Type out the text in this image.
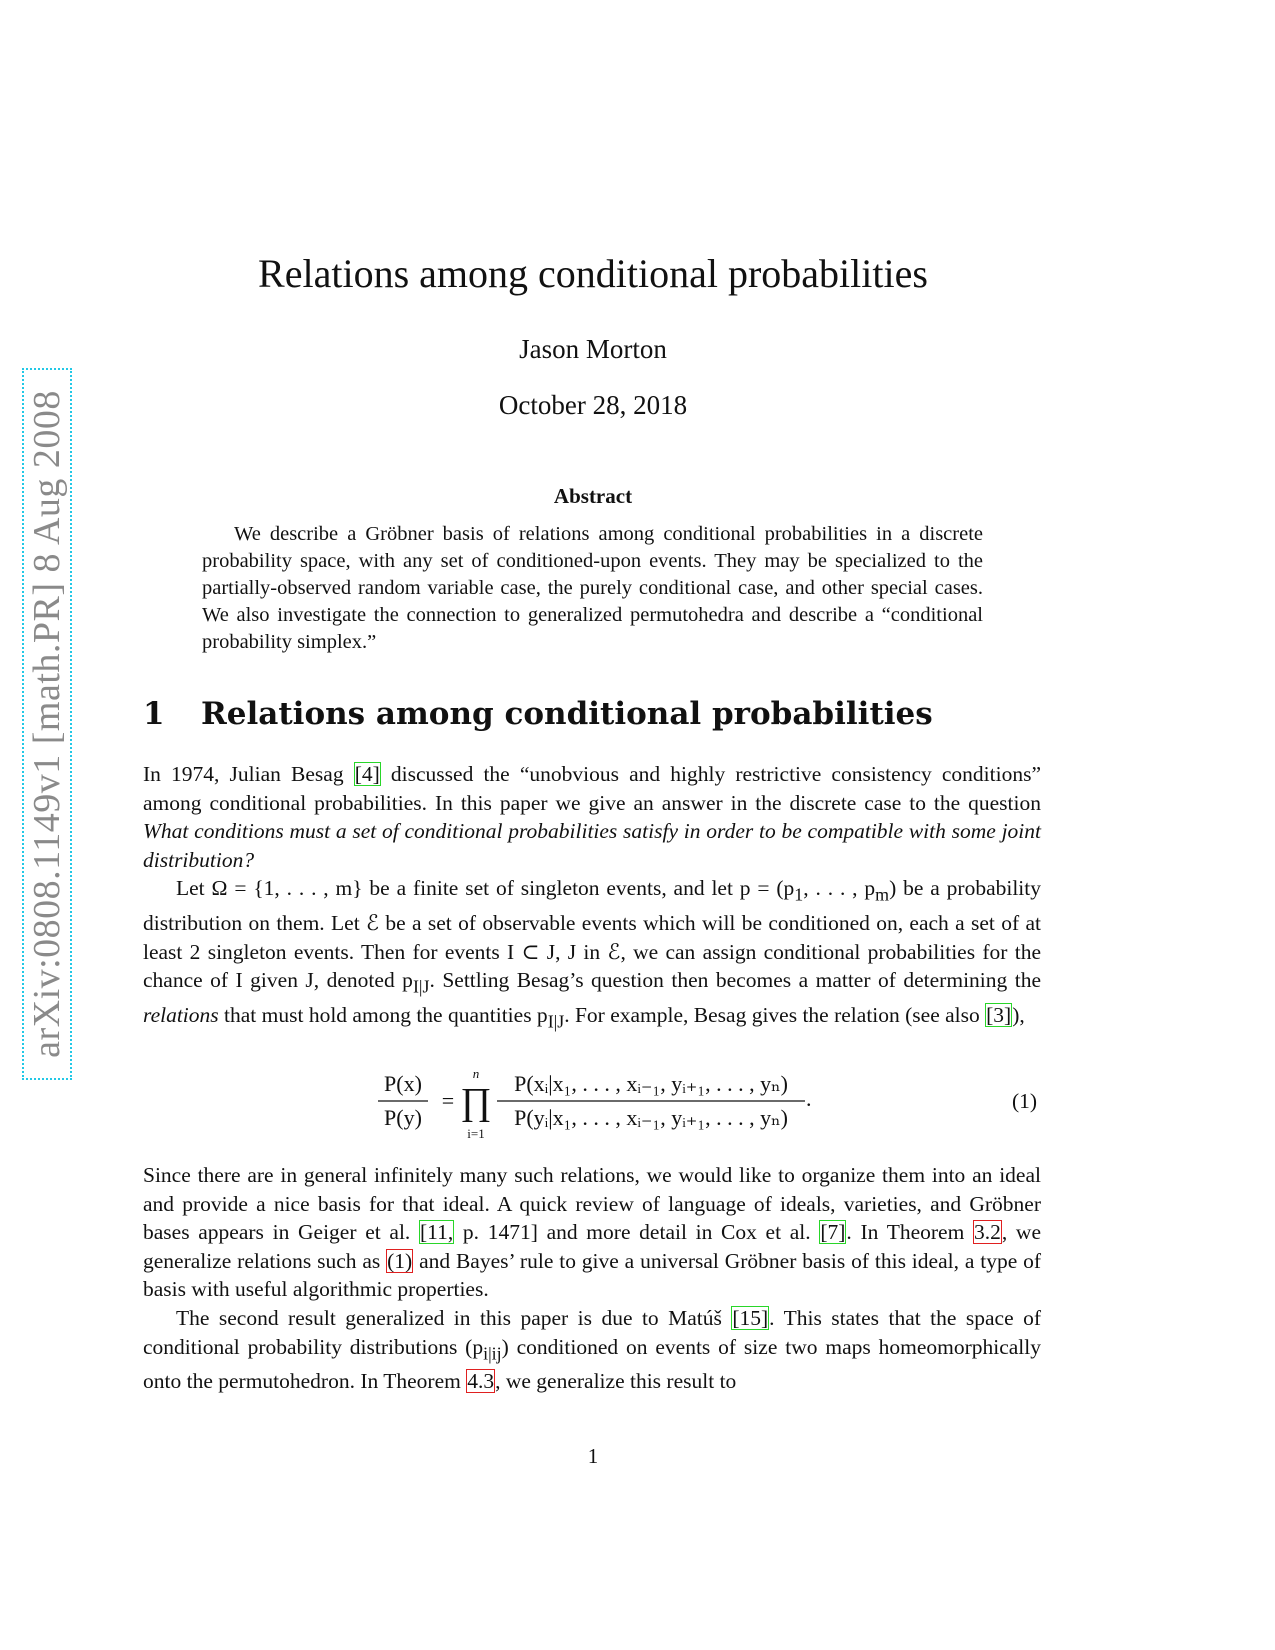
arXiv:0808.1149v1 [math.PR] 8 Aug 2008
Relations among conditional probabilities
Jason Morton
October 28, 2018
Abstract
We describe a Gröbner basis of relations among conditional probabilities in a discrete probability space, with any set of conditioned-upon events. They may be specialized to the partially-observed random variable case, the purely conditional case, and other special cases. We also investigate the connection to generalized permutohedra and describe a “conditional probability simplex.”
1 Relations among conditional probabilities

In 1974, Julian Besag [4] discussed the “unobvious and highly restrictive consistency conditions” among conditional probabilities. In this paper we give an answer in the discrete case to the question What conditions must a set of conditional probabilities satisfy in order to be compatible with some joint distribution?

Let Ω = {1, . . . , m} be a finite set of singleton events, and let $p = (p_1$, . . . , $p_m$) be a probability distribution on them. Let ℰ be a set of observable events which will be conditioned on, each a set of at least 2 singleton events. Then for events I ⊂ J, J in ℰ, we can assign conditional probabilities for the chance of I given J, denoted $p_{I|J}$. Settling Besag’s question then becomes a matter of determining the relations that must hold among the quantities $p_{I|J}$. For example, Besag gives the relation (see also [3]),

P(x)
P(y)
=
n
∏
i=1
P(xᵢ|x₁, . . . , xᵢ₋₁, yᵢ₊₁, . . . , yₙ)
P(yᵢ|x₁, . . . , xᵢ₋₁, yᵢ₊₁, . . . , yₙ)
.	(1)

Since there are in general infinitely many such relations, we would like to organize them into an ideal and provide a nice basis for that ideal. A quick review of language of ideals, varieties, and Gröbner bases appears in Geiger et al. [11, p. 1471] and more detail in Cox et al. [7]. In Theorem 3.2, we generalize relations such as (1) and Bayes’ rule to give a universal Gröbner basis of this ideal, a type of basis with useful algorithmic properties.

The second result generalized in this paper is due to Matúš [15]. This states that the space of conditional probability distributions $(p_{i|ij})$ conditioned on events of size two maps homeomorphically onto the permutohedron. In Theorem 4.3, we generalize this result to

1
